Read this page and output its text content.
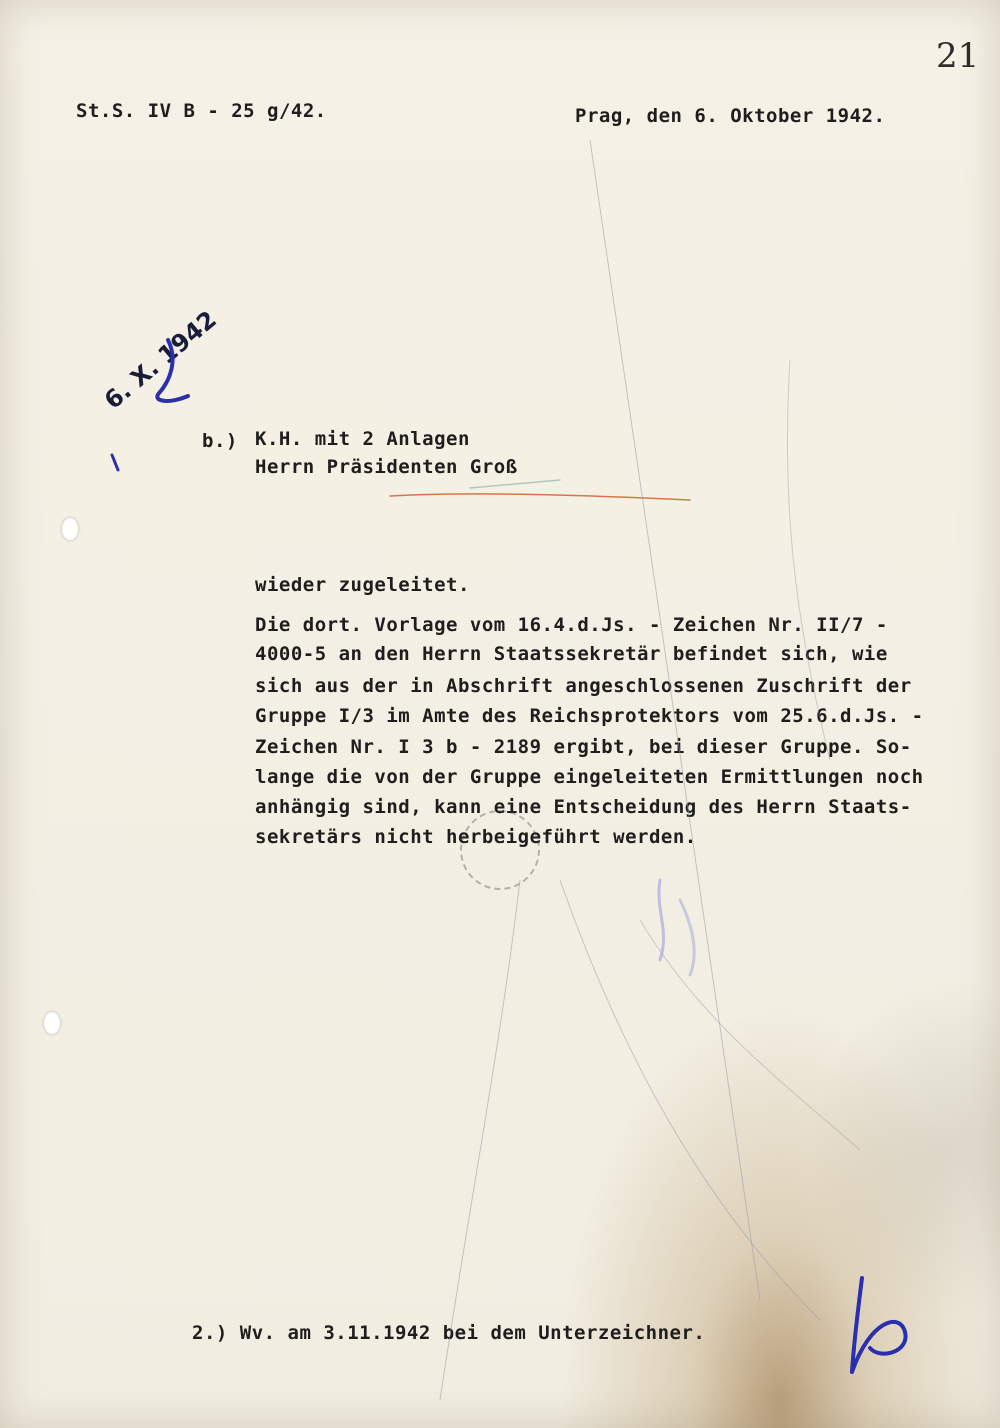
21
St.S. IV B - 25 g/42.	Prag, den 6. Oktober 1942.
6. X. 1942
b.) K.H. mit 2 Anlagen
Herrn Präsidenten Groß
wieder zugeleitet.
Die dort. Vorlage vom 16.4.d.Js. - Zeichen Nr. II/7 -
4000-5 an den Herrn Staatssekretär befindet sich, wie
sich aus der in Abschrift angeschlossenen Zuschrift der
Gruppe I/3 im Amte des Reichsprotektors vom 25.6.d.Js. -
Zeichen Nr. I 3 b - 2189 ergibt, bei dieser Gruppe. So-
lange die von der Gruppe eingeleiteten Ermittlungen noch
anhängig sind, kann eine Entscheidung des Herrn Staats-
sekretärs nicht herbeigeführt werden.
2.) Wv. am 3.11.1942 bei dem Unterzeichner.
